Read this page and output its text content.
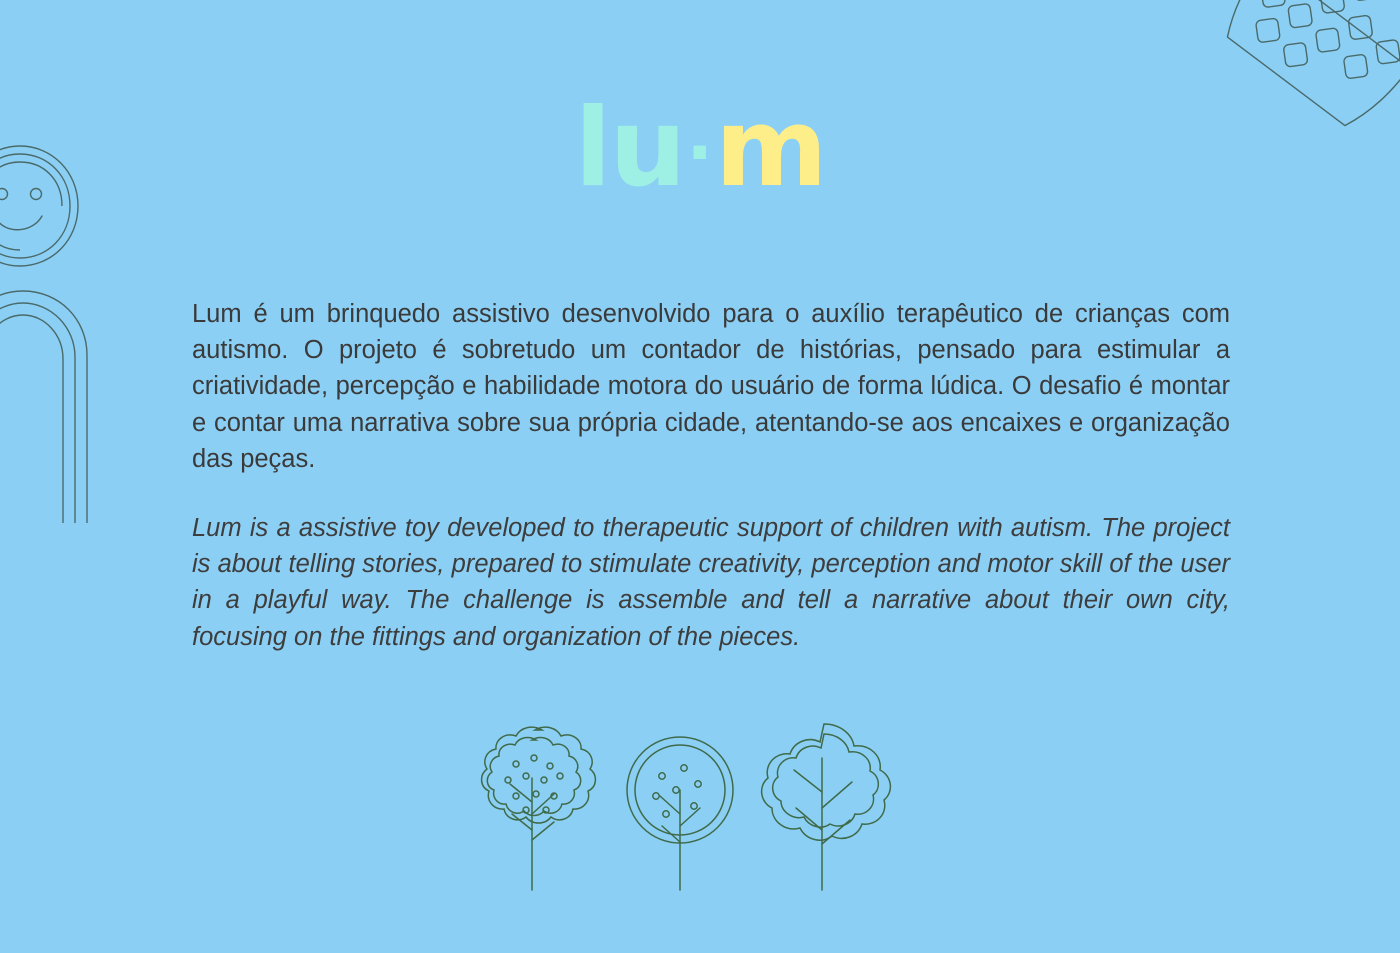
lu·m

Lum é um brinquedo assistivo desenvolvido para o auxílio terapêutico de crianças com autismo. O projeto é sobretudo um contador de histórias, pensado para estimular a criatividade, percepção e habilidade motora do usuário de forma lúdica. O desafio é montar e contar uma narrativa sobre sua própria cidade, atentando-se aos encaixes e organização das peças.

Lum is a assistive toy developed to therapeutic support of children with autism. The project is about telling stories, prepared to stimulate creativity, perception and motor skill of the user in a playful way. The challenge is assemble and tell a narrative about their own city, focusing on the fittings and organization of the pieces.
